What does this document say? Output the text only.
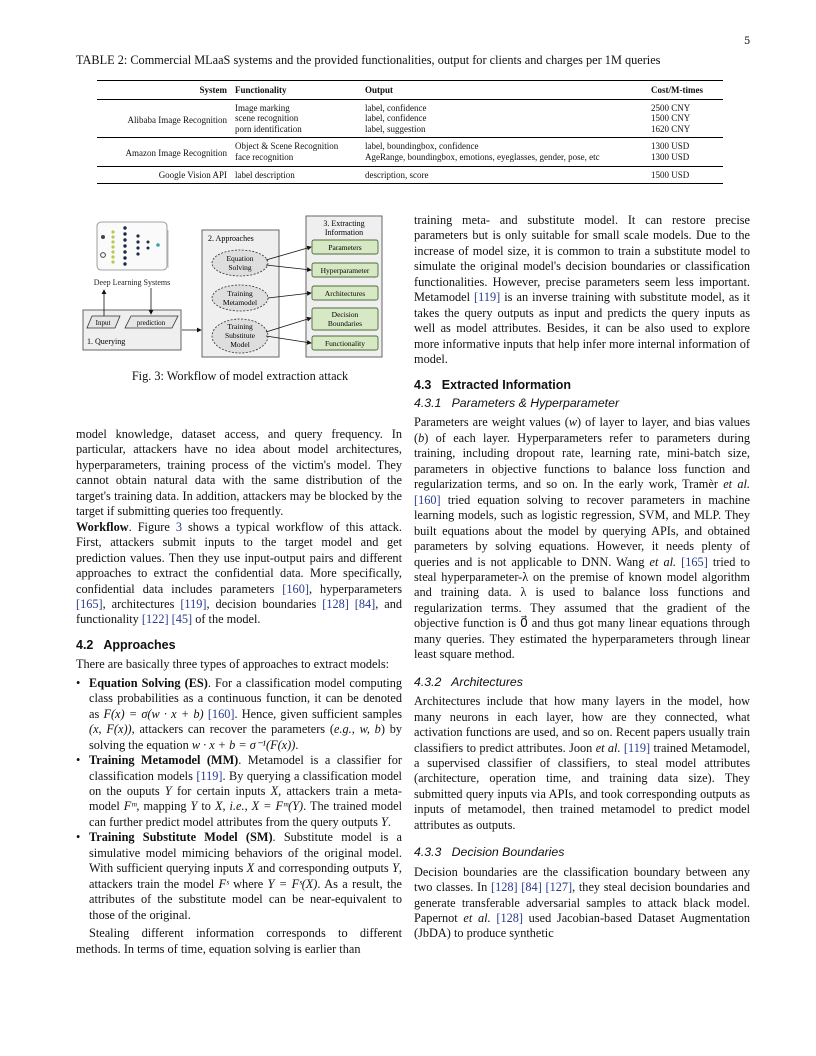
5
TABLE 2: Commercial MLaaS systems and the provided functionalities, output for clients and charges per 1M queries
System	Functionality	Output	Cost/M-times
Alibaba Image Recognition	Image marking	label, confidence	2500 CNY
	scene recognition	label, confidence	1500 CNY
	porn identification	label, suggestion	1620 CNY
Amazon Image Recognition	Object & Scene Recognition	label, boundingbox, confidence	1300 USD
	face recognition	AgeRange, boundingbox, emotions, eyeglasses, gender, pose, etc	1300 USD
Google Vision API	label description	description, score	1500 USD
Deep Learning Systems
Input	prediction
1. Querying
2. Approaches
Equation
Solving
Training
Metamodel
Training
Substitute
Model
3. Extracting
Information
Parameters
Hyperparameter
Architectures
Decision
Boundaries
Functionality
Fig. 3: Workflow of model extraction attack

model knowledge, dataset access, and query frequency. In particular, attackers have no idea about model architectures, hyperparameters, training process of the victim's model. They cannot obtain natural data with the same distribution of the target's training data. In addition, attackers may be blocked by the target if submitting queries too frequently.

Workflow. Figure 3 shows a typical workflow of this attack. First, attackers submit inputs to the target model and get prediction values. Then they use input-output pairs and different approaches to extract the confidential data. More specifically, confidential data includes parameters [160], hyperparameters [165], architectures [119], decision boundaries [128] [84], and functionality [122] [45] of the model.

4.2   Approaches

There are basically three types of approaches to extract models:

• Equation Solving (ES). For a classification model computing class probabilities as a continuous function, it can be denoted as F(x) = σ(w · x + b) [160]. Hence, given sufficient samples (x, F(x)), attackers can recover the parameters (e.g., w, b) by solving the equation w · x + b = σ⁻¹(F(x)).
• Training Metamodel (MM). Metamodel is a classifier for classification models [119]. By querying a classification model on the ouputs Y for certain inputs X, attackers train a meta-model Fᵐ, mapping Y to X, i.e., X = Fᵐ(Y). The trained model can further predict model attributes from the query outputs Y.
• Training Substitute Model (SM). Substitute model is a simulative model mimicing behaviors of the original model. With sufficient querying inputs X and corresponding outputs Y, attackers train the model Fˢ where Y = Fˢ(X). As a result, the attributes of the substitute model can be near-equivalent to those of the original.

Stealing different information corresponds to different methods. In terms of time, equation solving is earlier than

training meta- and substitute model. It can restore precise parameters but is only suitable for small scale models. Due to the increase of model size, it is common to train a substitute model to simulate the original model's decision boundaries or classification functionalities. However, precise parameters seem less important. Metamodel [119] is an inverse training with substitute model, as it takes the query outputs as input and predicts the query inputs as well as model attributes. Besides, it can be also used to explore more informative inputs that help infer more internal information of model.

4.3   Extracted Information

4.3.1   Parameters & Hyperparameter

Parameters are weight values (w) of layer to layer, and bias values (b) of each layer. Hyperparameters refer to parameters during training, including dropout rate, learning rate, mini-batch size, parameters in objective functions to balance loss function and regularization terms, and so on. In the early work, Tramèr et al. [160] tried equation solving to recover parameters in machine learning models, such as logistic regression, SVM, and MLP. They built equations about the model by querying APIs, and obtained parameters by solving equations. However, it needs plenty of queries and is not applicable to DNN. Wang et al. [165] tried to steal hyperparameter-λ on the premise of known model algorithm and training data. λ is used to balance loss functions and regularization terms. They assumed that the gradient of the objective function is 0⃗ and thus got many linear equations through many queries. They estimated the hyperparameters through linear least square method.

4.3.2   Architectures

Architectures include that how many layers in the model, how many neurons in each layer, how are they connected, what activation functions are used, and so on. Recent papers usually train classifiers to predict attributes. Joon et al. [119] trained Metamodel, a supervised classifier of classifiers, to steal model attributes (architecture, operation time, and training data size). They submitted query inputs via APIs, and took corresponding outputs as inputs of metamodel, then trained metamodel to predict model attributes as outputs.

4.3.3   Decision Boundaries

Decision boundaries are the classification boundary between any two classes. In [128] [84] [127], they steal decision boundaries and generate transferable adversarial samples to attack black model. Papernot et al. [128] used Jacobian-based Dataset Augmentation (JbDA) to produce synthetic
